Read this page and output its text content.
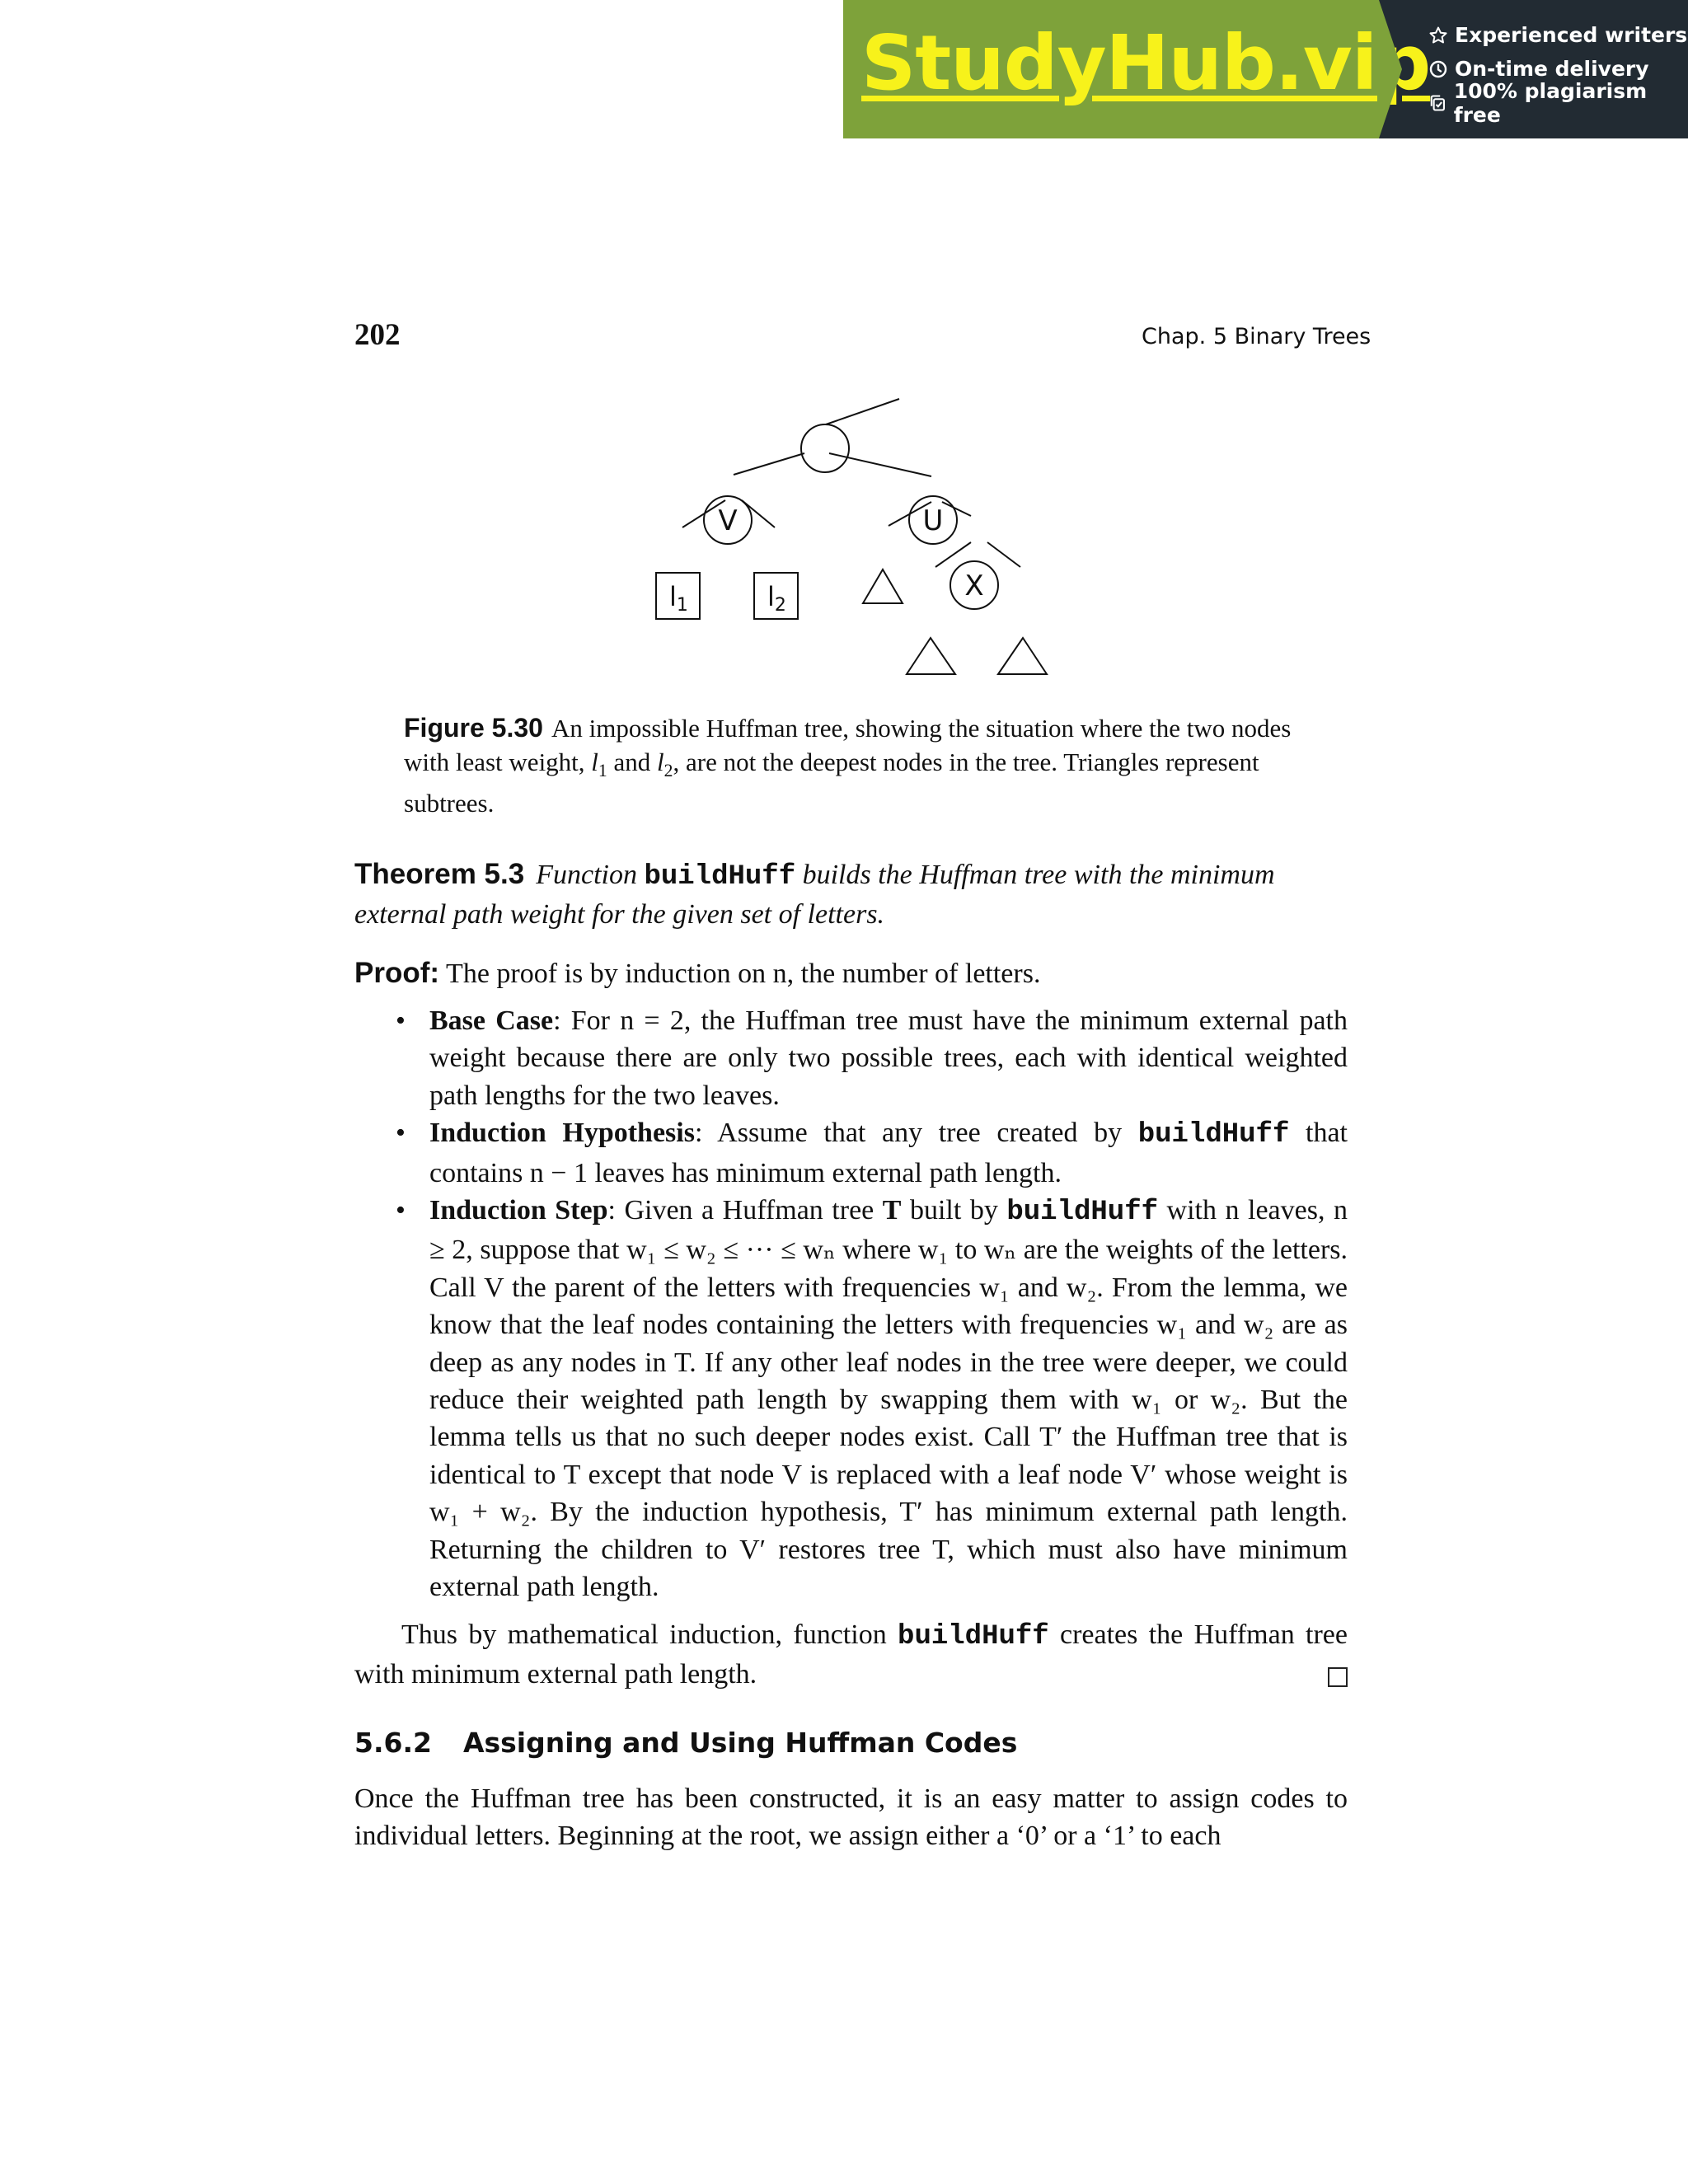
StudyHub.vip Experienced writers
On-time delivery
100% plagiarism free
202	Chap. 5 Binary Trees
V	U
X
l1	l2
Figure 5.30 An impossible Huffman tree, showing the situation where the two nodes with least weight, $l_1$ and $l_2$, are not the deepest nodes in the tree. Triangles represent subtrees.
Theorem 5.3 Function buildHuff builds the Huffman tree with the minimum external path weight for the given set of letters.
Proof: The proof is by induction on n, the number of letters.
• Base Case: For n = 2, the Huffman tree must have the minimum external path weight because there are only two possible trees, each with identical weighted path lengths for the two leaves.
• Induction Hypothesis: Assume that any tree created by buildHuff that contains n − 1 leaves has minimum external path length.
• Induction Step: Given a Huffman tree T built by buildHuff with n leaves, n ≥ 2, suppose that w₁ ≤ w₂ ≤ ··· ≤ wₙ where w₁ to wₙ are the weights of the letters. Call V the parent of the letters with frequencies w₁ and w₂. From the lemma, we know that the leaf nodes containing the letters with frequencies w₁ and w₂ are as deep as any nodes in T. If any other leaf nodes in the tree were deeper, we could reduce their weighted path length by swapping them with w₁ or w₂. But the lemma tells us that no such deeper nodes exist. Call T′ the Huffman tree that is identical to T except that node V is replaced with a leaf node V′ whose weight is w₁ + w₂. By the induction hypothesis, T′ has minimum external path length. Returning the children to V′ restores tree T, which must also have minimum external path length.
Thus by mathematical induction, function buildHuff creates the Huffman tree with minimum external path length.
5.6.2 Assigning and Using Huffman Codes
Once the Huffman tree has been constructed, it is an easy matter to assign codes to individual letters. Beginning at the root, we assign either a ‘0’ or a ‘1’ to each
